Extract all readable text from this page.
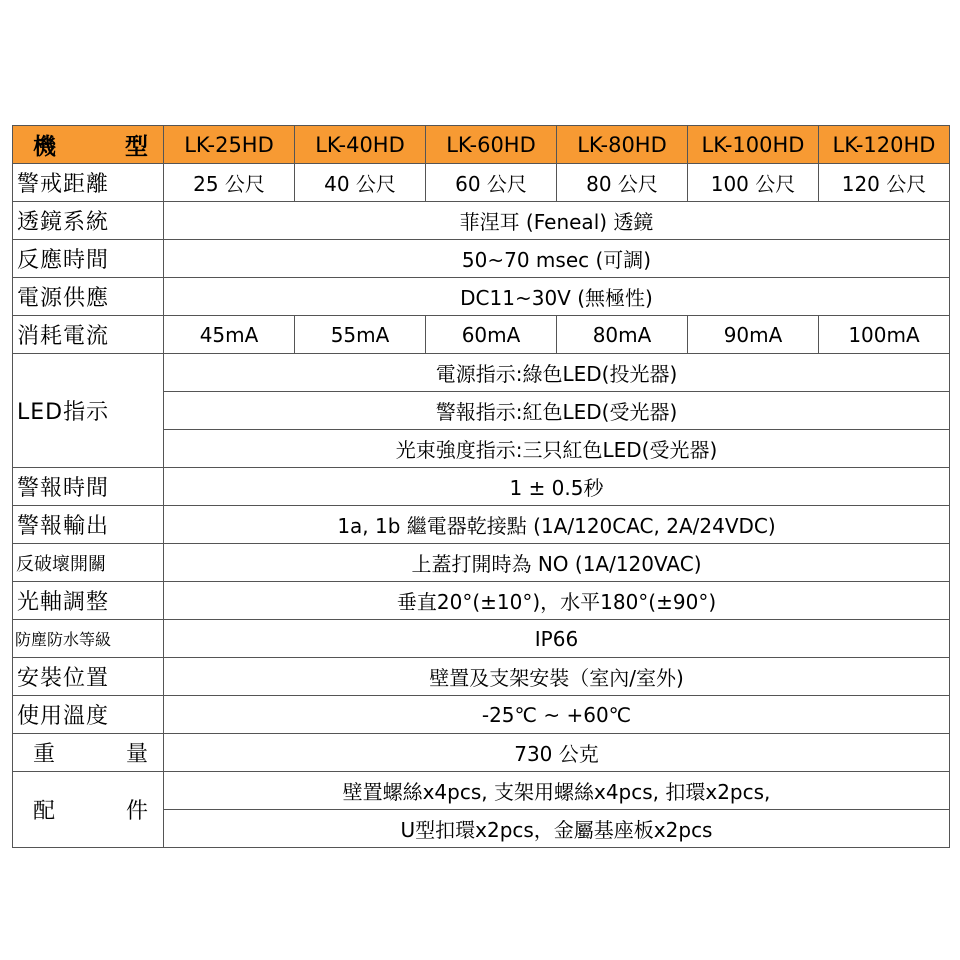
機　型	LK-25HD	LK-40HD	LK-60HD	LK-80HD	LK-100HD	LK-120HD
警戒距離	25 公尺	40 公尺	60 公尺	80 公尺	100 公尺	120 公尺
透鏡系統	菲涅耳 (Feneal) 透鏡					
反應時間	50~70 msec (可調)					
電源供應	DC11~30V (無極性)					
消耗電流	45mA	55mA	60mA	80mA	90mA	100mA
LED指示	電源指示:綠色LED(投光器)					
	警報指示:紅色LED(受光器)					
	光束強度指示:三只紅色LED(受光器)					
警報時間	1 ± 0.5秒					
警報輸出	1a, 1b 繼電器乾接點 (1A/120CAC, 2A/24VDC)					
反破壞開關	上蓋打開時為 NO (1A/120VAC)					
光軸調整	垂直20°(±10°)，水平180°(±90°)					
防塵防水等級	IP66					
安裝位置	壁置及支架安裝（室內/室外)					
使用溫度	-25℃ ~ +60℃					
重　量	730 公克					
配　件	壁置螺絲x4pcs, 支架用螺絲x4pcs, 扣環x2pcs,					
	U型扣環x2pcs，金屬基座板x2pcs					
